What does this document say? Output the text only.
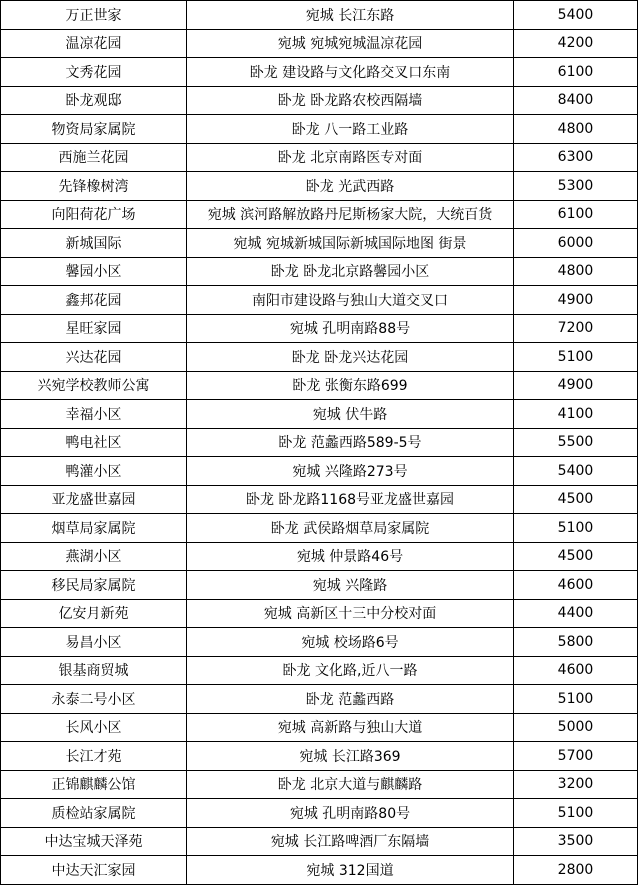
万正世家	宛城 长江东路	5400
温凉花园	宛城 宛城宛城温凉花园	4200
文秀花园	卧龙 建设路与文化路交叉口东南	6100
卧龙观邸	卧龙 卧龙路农校西隔墙	8400
物资局家属院	卧龙 八一路工业路	4800
西施兰花园	卧龙 北京南路医专对面	6300
先锋橡树湾	卧龙 光武西路	5300
向阳荷花广场	宛城 滨河路解放路丹尼斯杨家大院，大统百货	6100
新城国际	宛城 宛城新城国际新城国际地图 街景	6000
馨园小区	卧龙 卧龙北京路馨园小区	4800
鑫邦花园	南阳市建设路与独山大道交叉口	4900
星旺家园	宛城 孔明南路88号	7200
兴达花园	卧龙 卧龙兴达花园	5100
兴宛学校教师公寓	卧龙 张衡东路699	4900
幸福小区	宛城 伏牛路	4100
鸭电社区	卧龙 范蠡西路589-5号	5500
鸭灌小区	宛城 兴隆路273号	5400
亚龙盛世嘉园	卧龙 卧龙路1168号亚龙盛世嘉园	4500
烟草局家属院	卧龙 武侯路烟草局家属院	5100
燕湖小区	宛城 仲景路46号	4500
移民局家属院	宛城 兴隆路	4600
亿安月新苑	宛城 高新区十三中分校对面	4400
易昌小区	宛城 校场路6号	5800
银基商贸城	卧龙 文化路,近八一路	4600
永泰二号小区	卧龙 范蠡西路	5100
长风小区	宛城 高新路与独山大道	5000
长江才苑	宛城 长江路369	5700
正锦麒麟公馆	卧龙 北京大道与麒麟路	3200
质检站家属院	宛城 孔明南路80号	5100
中达宝城天泽苑	宛城 长江路啤酒厂东隔墙	3500
中达天汇家园	宛城 312国道	2800
